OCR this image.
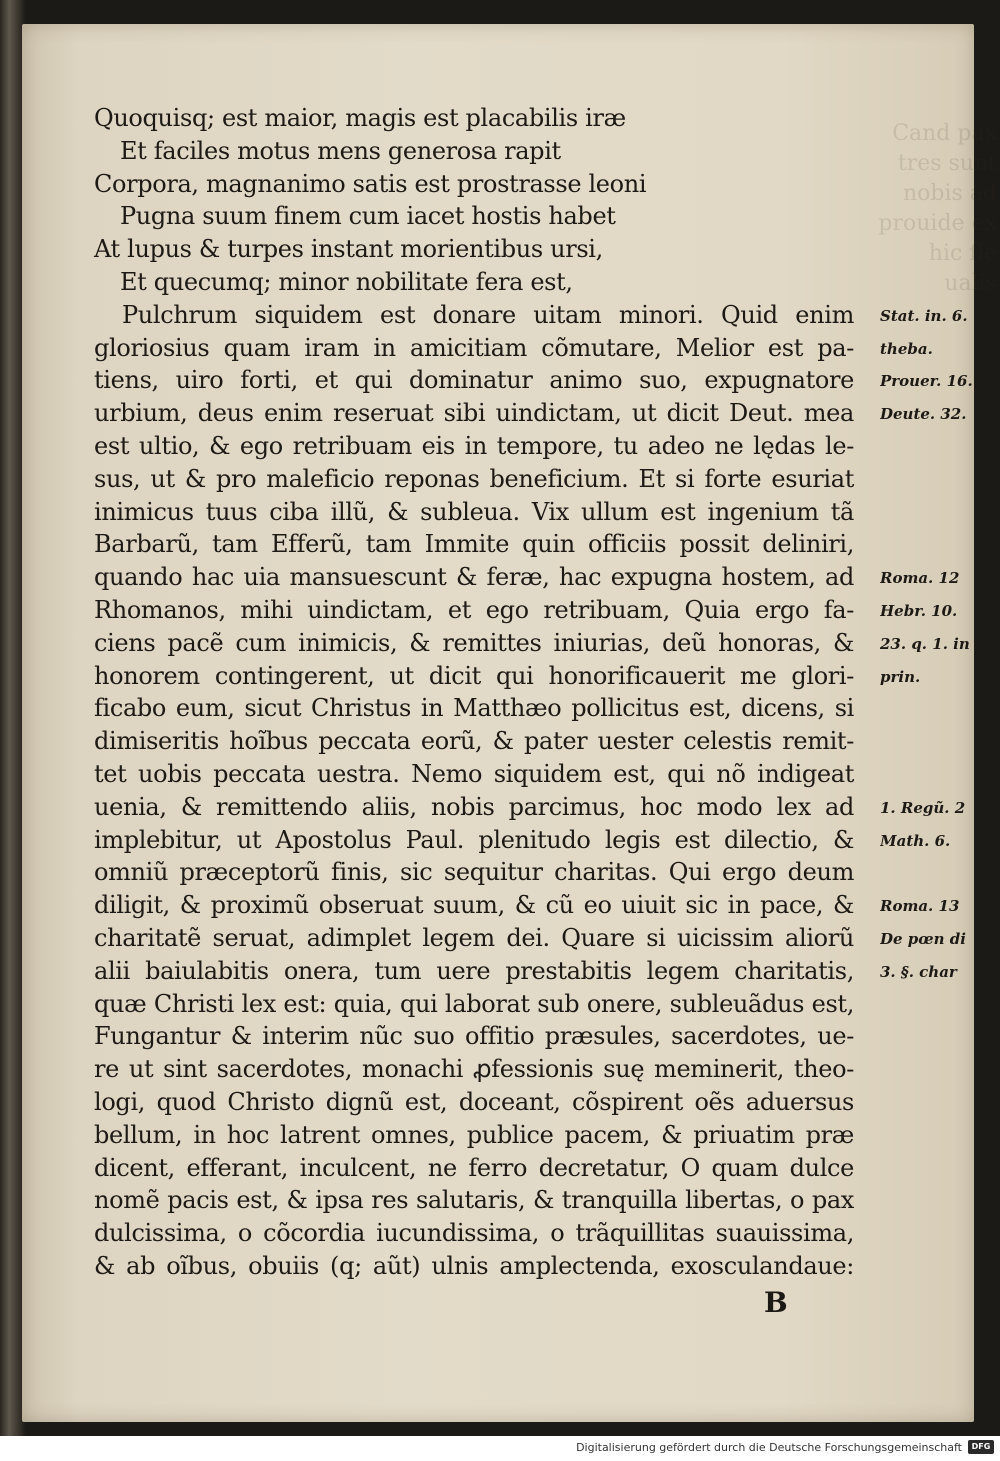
Cand pax
tres sunt
nobis ad
prouide ex
hic fle
ualis

Quoquisq; est maior, magis est placabilis iræ
Et faciles motus mens generosa rapit
Corpora, magnanimo satis est prostrasse leoni
Pugna suum finem cum iacet hostis habet
At lupus & turpes instant morientibus ursi,
Et quecumq; minor nobilitate fera est,
Pulchrum siquidem est donare uitam minori. Quid enim
gloriosius quam iram in amicitiam cõmutare, Melior est pa-
tiens, uiro forti, et qui dominatur animo suo, expugnatore
urbium, deus enim reseruat sibi uindictam, ut dicit Deut. mea
est ultio, & ego retribuam eis in tempore, tu adeo ne lędas le-
sus, ut & pro maleficio reponas beneficium. Et si forte esuriat
inimicus tuus ciba illũ, & subleua. Vix ullum est ingenium tã
Barbarũ, tam Efferũ, tam Immite quin officiis possit deliniri,
quando hac uia mansuescunt & feræ, hac expugna hostem, ad
Rhomanos, mihi uindictam, et ego retribuam, Quia ergo fa-
ciens pacẽ cum inimicis, & remittes iniurias, deũ honoras, &
honorem contingerent, ut dicit qui honorificauerit me glori-
ficabo eum, sicut Christus in Matthæo pollicitus est, dicens, si
dimiseritis hoĩbus peccata eorũ, & pater uester celestis remit-
tet uobis peccata uestra. Nemo siquidem est, qui nõ indigeat
uenia, & remittendo aliis, nobis parcimus, hoc modo lex ad
implebitur, ut Apostolus Paul. plenitudo legis est dilectio, &
omniũ præceptorũ finis, sic sequitur charitas. Qui ergo deum
diligit, & proximũ obseruat suum, & cũ eo uiuit sic in pace, &
charitatẽ seruat, adimplet legem dei. Quare si uicissim aliorũ
alii baiulabitis onera, tum uere prestabitis legem charitatis,
quæ Christi lex est: quia, qui laborat sub onere, subleuãdus est,
Fungantur & interim nũc suo offitio præsules, sacerdotes, ue-
re ut sint sacerdotes, monachi ꝓfessionis suę meminerit, theo-
logi, quod Christo dignũ est, doceant, cõspirent oẽs aduersus
bellum, in hoc latrent omnes, publice pacem, & priuatim præ
dicent, efferant, inculcent, ne ferro decretatur, O quam dulce
nomẽ pacis est, & ipsa res salutaris, & tranquilla libertas, o pax
dulcissima, o cõcordia iucundissima, o trãquillitas suauissima,
& ab oĩbus, obuiis (q; aũt) ulnis amplectenda, exosculandaue:
Stat. in. 6.
theba.
Prouer. 16.
Deute. 32.
Roma. 12
Hebr. 10.
23. q. 1. in
prin.
1. Regũ. 2
Math. 6.
Roma. 13
De pœn di
3. §. char
B
Digitalisierung gefördert durch die Deutsche Forschungsgemeinschaft	DFG
